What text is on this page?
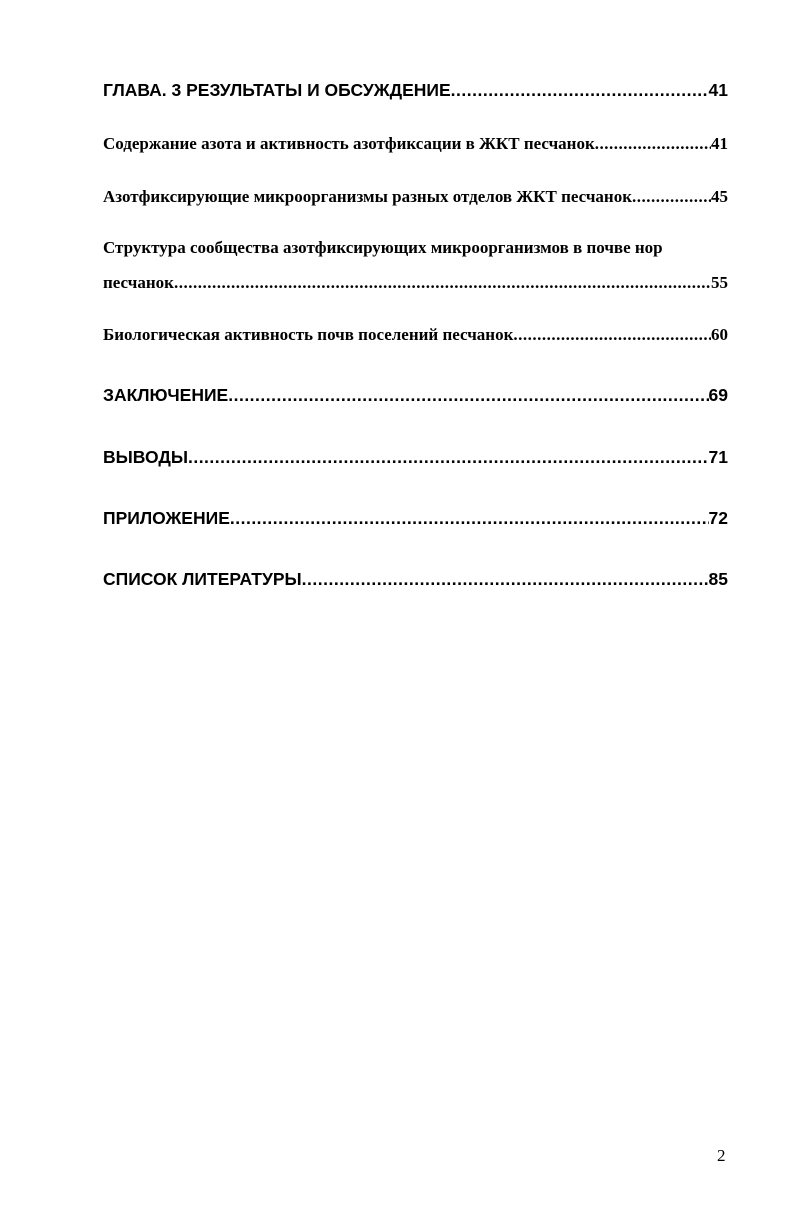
ГЛАВА. 3 РЕЗУЛЬТАТЫ И ОБСУЖДЕНИЕ .....	41
Содержание азота и активность азотфиксации в ЖКТ песчанок .....	41
Азотфиксирующие микроорганизмы разных отделов ЖКТ песчанок .....	45
Структура сообщества азотфиксирующих микроорганизмов в почве нор
песчанок .....	55
Биологическая активность почв поселений песчанок .....	60
ЗАКЛЮЧЕНИЕ .....	69
ВЫВОДЫ .....	71
ПРИЛОЖЕНИЕ .....	72
СПИСОК ЛИТЕРАТУРЫ .....	85
2
